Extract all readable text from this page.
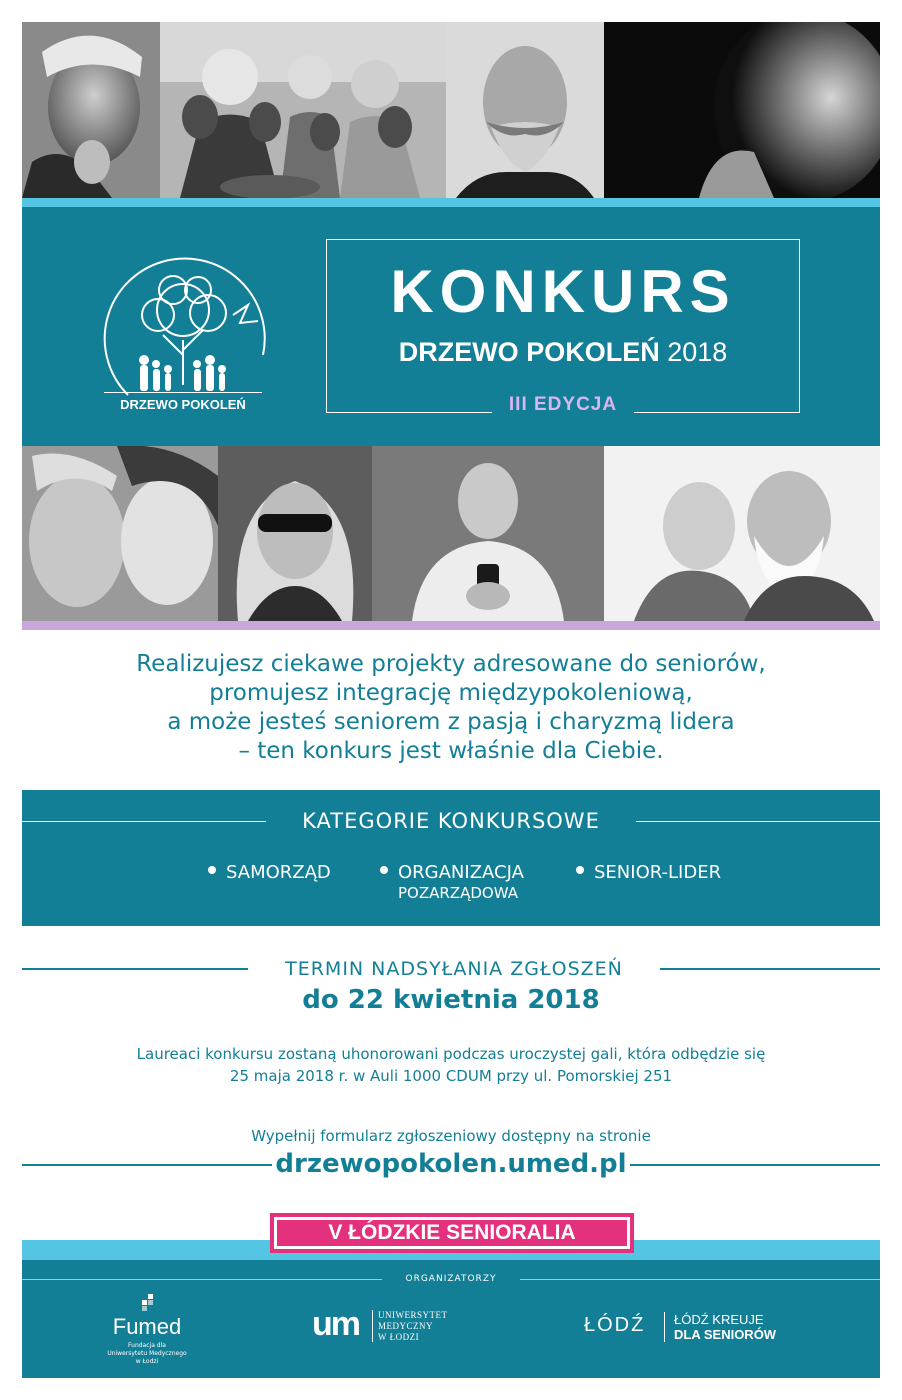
DRZEWO POKOLEŃ
KONKURS
DRZEWO POKOLEŃ 2018
III EDYCJA
Realizujesz ciekawe projekty adresowane do seniorów,
promujesz integrację międzypokoleniową,
a może jesteś seniorem z pasją i charyzmą lidera
– ten konkurs jest właśnie dla Ciebie.
KATEGORIE KONKURSOWE
SAMORZĄD	ORGANIZACJA
POZARZĄDOWA
SENIOR-LIDER
TERMIN NADSYŁANIA ZGŁOSZEŃ
do 22 kwietnia 2018
Laureaci konkursu zostaną uhonorowani podczas uroczystej gali, która odbędzie się
25 maja 2018 r. w Auli 1000 CDUM przy ul. Pomorskiej 251
Wypełnij formularz zgłoszeniowy dostępny na stronie
drzewopokolen.umed.pl
V ŁÓDZKIE SENIORALIA
ORGANIZATORZY
Fumed
Fundacja dla
Uniwersytetu Medycznego
w Łodzi
um UNIWERSYTET
MEDYCZNY
W ŁODZI
ŁÓDŹ ŁÓDŹ KREUJE
DLA SENIORÓW
